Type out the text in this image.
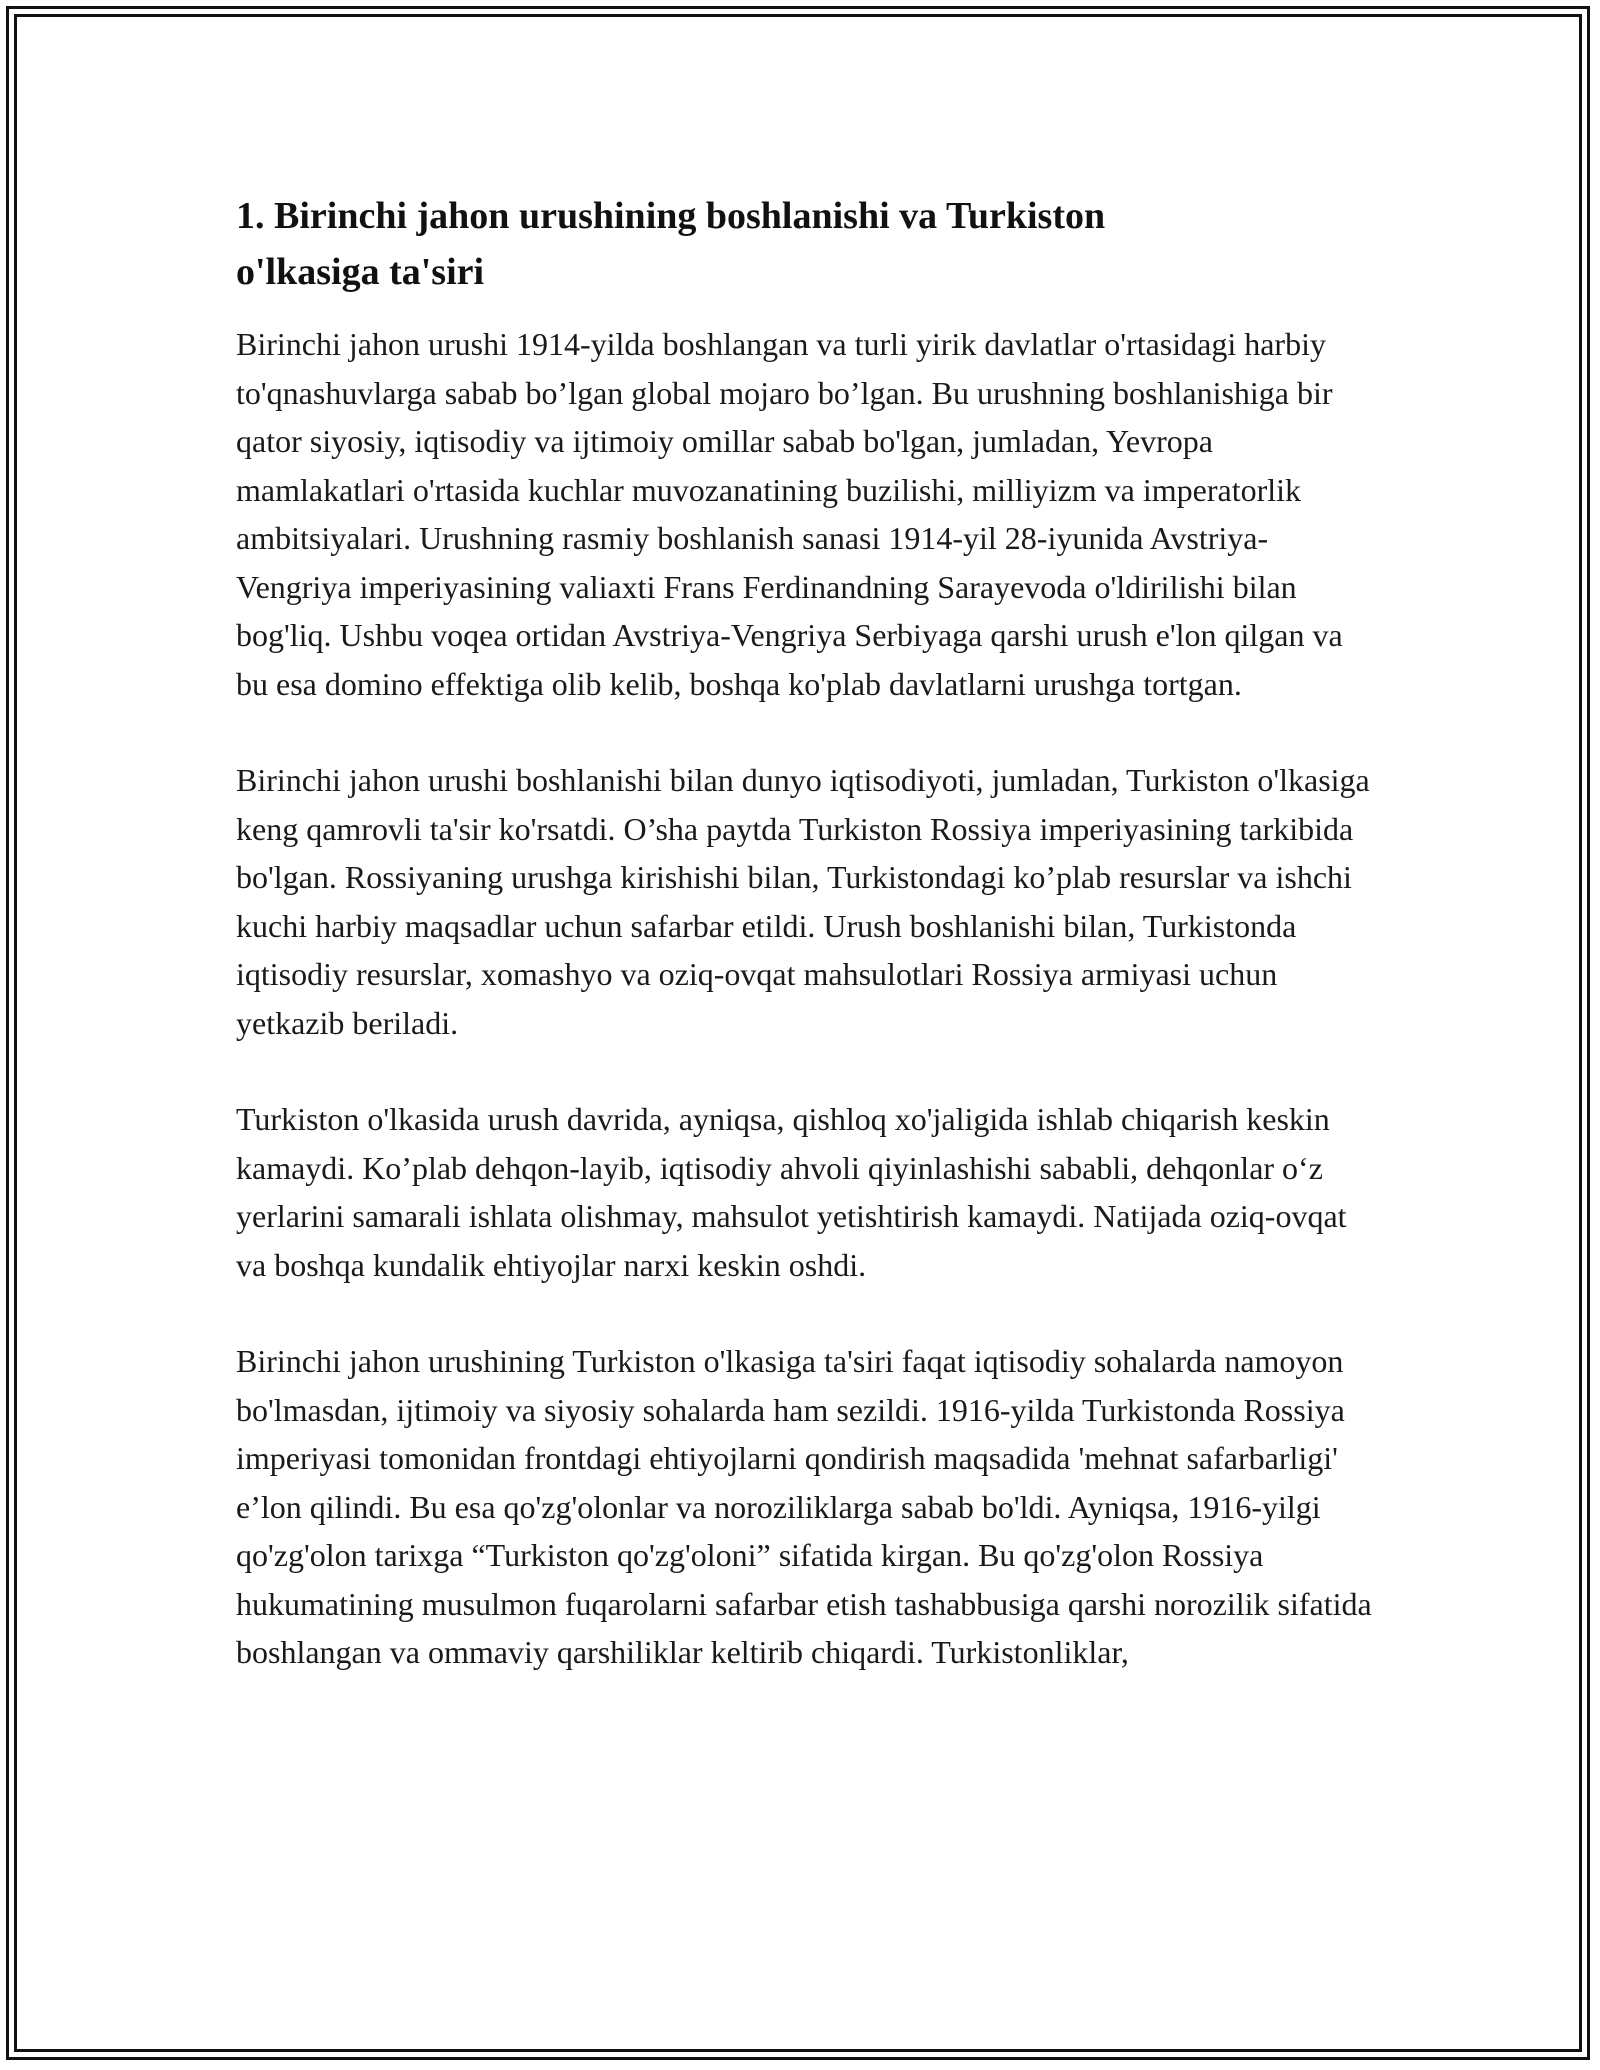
1. Birinchi jahon urushining boshlanishi va Turkiston o'lkasiga ta'siri

Birinchi jahon urushi 1914-yilda boshlangan va turli yirik davlatlar o'rtasidagi harbiy to'qnashuvlarga sabab bo’lgan global mojaro bo’lgan. Bu urushning boshlanishiga bir qator siyosiy, iqtisodiy va ijtimoiy omillar sabab bo'lgan, jumladan, Yevropa mamlakatlari o'rtasida kuchlar muvozanatining buzilishi, milliyizm va imperatorlik ambitsiyalari. Urushning rasmiy boshlanish sanasi 1914-yil 28-iyunida Avstriya-Vengriya imperiyasining valiaxti Frans Ferdinandning Sarayevoda o'ldirilishi bilan bog'liq. Ushbu voqea ortidan Avstriya-Vengriya Serbiyaga qarshi urush e'lon qilgan va bu esa domino effektiga olib kelib, boshqa ko'plab davlatlarni urushga tortgan.

Birinchi jahon urushi boshlanishi bilan dunyo iqtisodiyoti, jumladan, Turkiston o'lkasiga keng qamrovli ta'sir ko'rsatdi. O’sha paytda Turkiston Rossiya imperiyasining tarkibida bo'lgan. Rossiyaning urushga kirishishi bilan, Turkistondagi ko’plab resurslar va ishchi kuchi harbiy maqsadlar uchun safarbar etildi. Urush boshlanishi bilan, Turkistonda iqtisodiy resurslar, xomashyo va oziq-ovqat mahsulotlari Rossiya armiyasi uchun yetkazib beriladi.

Turkiston o'lkasida urush davrida, ayniqsa, qishloq xo'jaligida ishlab chiqarish keskin kamaydi. Ko’plab dehqon-layib, iqtisodiy ahvoli qiyinlashishi sababli, dehqonlar o‘z yerlarini samarali ishlata olishmay, mahsulot yetishtirish kamaydi. Natijada oziq-ovqat va boshqa kundalik ehtiyojlar narxi keskin oshdi.

Birinchi jahon urushining Turkiston o'lkasiga ta'siri faqat iqtisodiy sohalarda namoyon bo'lmasdan, ijtimoiy va siyosiy sohalarda ham sezildi. 1916-yilda Turkistonda Rossiya imperiyasi tomonidan frontdagi ehtiyojlarni qondirish maqsadida 'mehnat safarbarligi' e’lon qilindi. Bu esa qo'zg'olonlar va noroziliklarga sabab bo'ldi. Ayniqsa, 1916-yilgi qo'zg'olon tarixga “Turkiston qo'zg'oloni” sifatida kirgan. Bu qo'zg'olon Rossiya hukumatining musulmon fuqarolarni safarbar etish tashabbusiga qarshi norozilik sifatida boshlangan va ommaviy qarshiliklar keltirib chiqardi. Turkistonliklar,
